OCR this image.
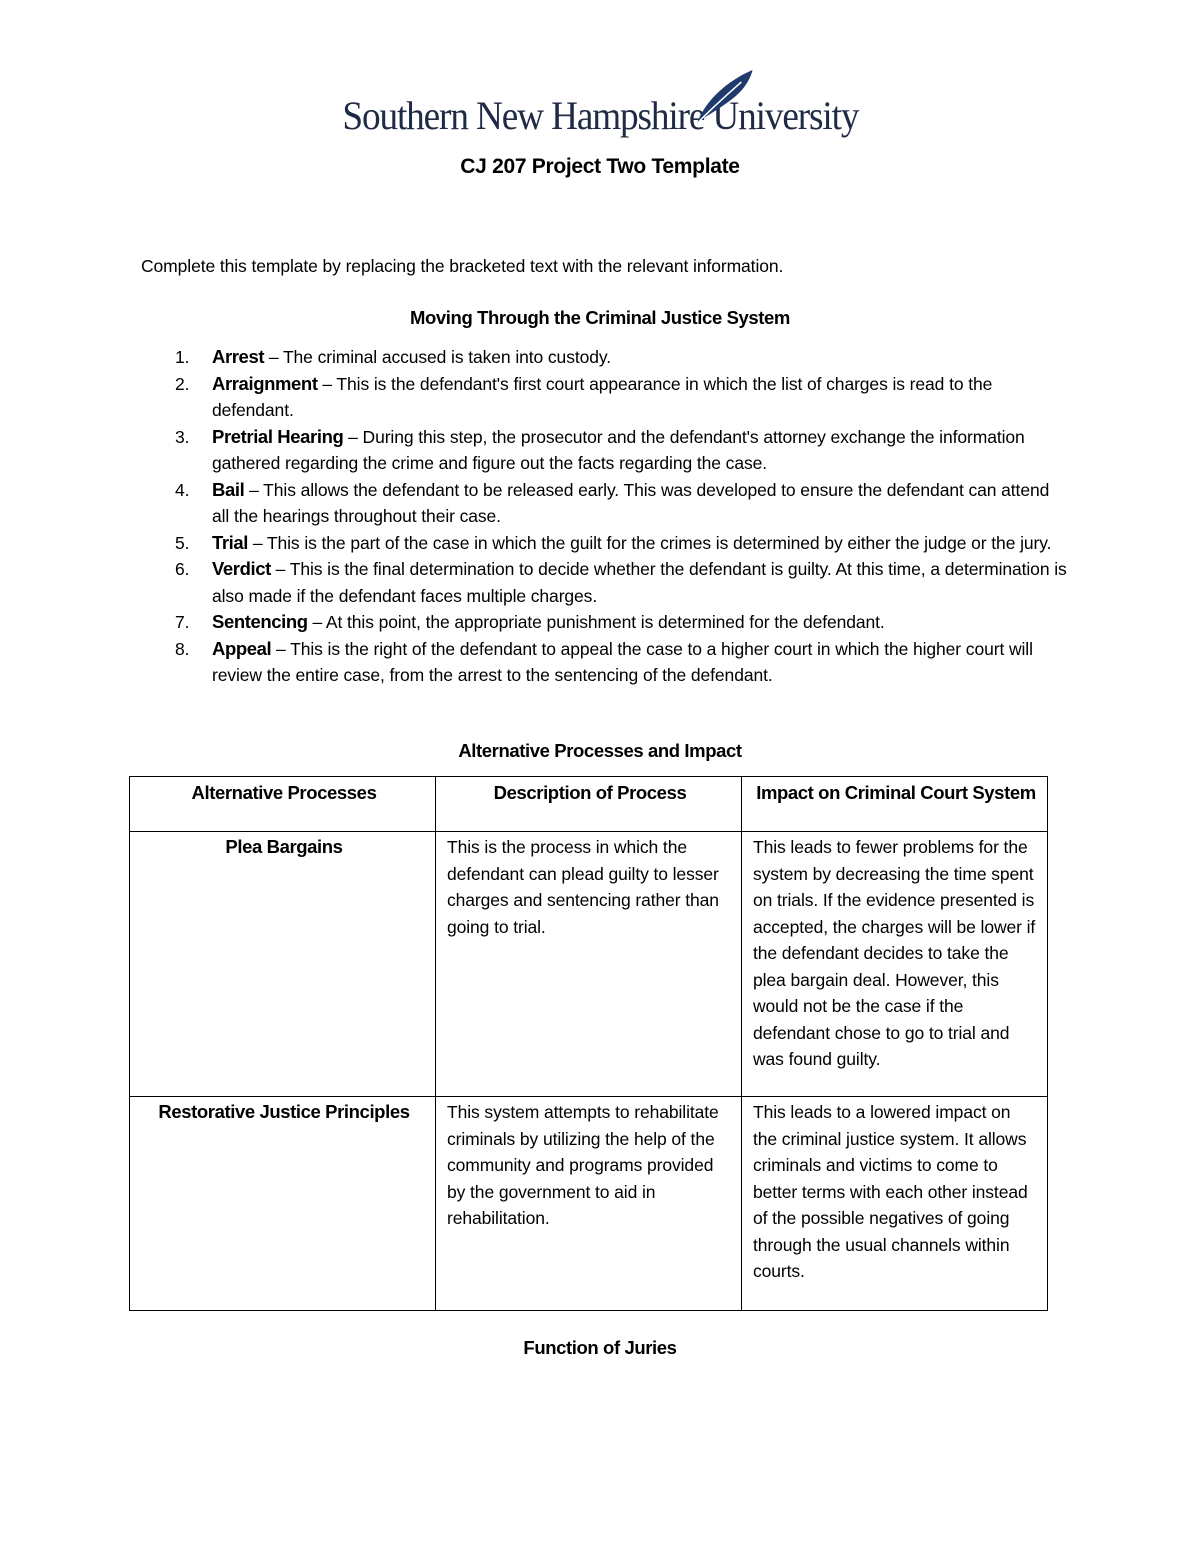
Southern New Hampshire University
CJ 207 Project Two Template
Complete this template by replacing the bracketed text with the relevant information.
Moving Through the Criminal Justice System
1. Arrest – The criminal accused is taken into custody.
2. Arraignment – This is the defendant's first court appearance in which the list of charges is read to the defendant.
3. Pretrial Hearing – During this step, the prosecutor and the defendant's attorney exchange the information gathered regarding the crime and figure out the facts regarding the case.
4. Bail – This allows the defendant to be released early. This was developed to ensure the defendant can attend all the hearings throughout their case.
5. Trial – This is the part of the case in which the guilt for the crimes is determined by either the judge or the jury.
6. Verdict – This is the final determination to decide whether the defendant is guilty. At this time, a determination is also made if the defendant faces multiple charges.
7. Sentencing – At this point, the appropriate punishment is determined for the defendant.
8. Appeal – This is the right of the defendant to appeal the case to a higher court in which the higher court will review the entire case, from the arrest to the sentencing of the defendant.
Alternative Processes and Impact
Alternative Processes	Description of Process	Impact on Criminal Court System
Plea Bargains	This is the process in which the defendant can plead guilty to lesser charges and sentencing rather than going to trial.	This leads to fewer problems for the system by decreasing the time spent on trials. If the evidence presented is accepted, the charges will be lower if the defendant decides to take the plea bargain deal. However, this would not be the case if the defendant chose to go to trial and was found guilty.
Restorative Justice Principles	This system attempts to rehabilitate criminals by utilizing the help of the community and programs provided by the government to aid in rehabilitation.	This leads to a lowered impact on the criminal justice system. It allows criminals and victims to come to better terms with each other instead of the possible negatives of going through the usual channels within courts.
Function of Juries
